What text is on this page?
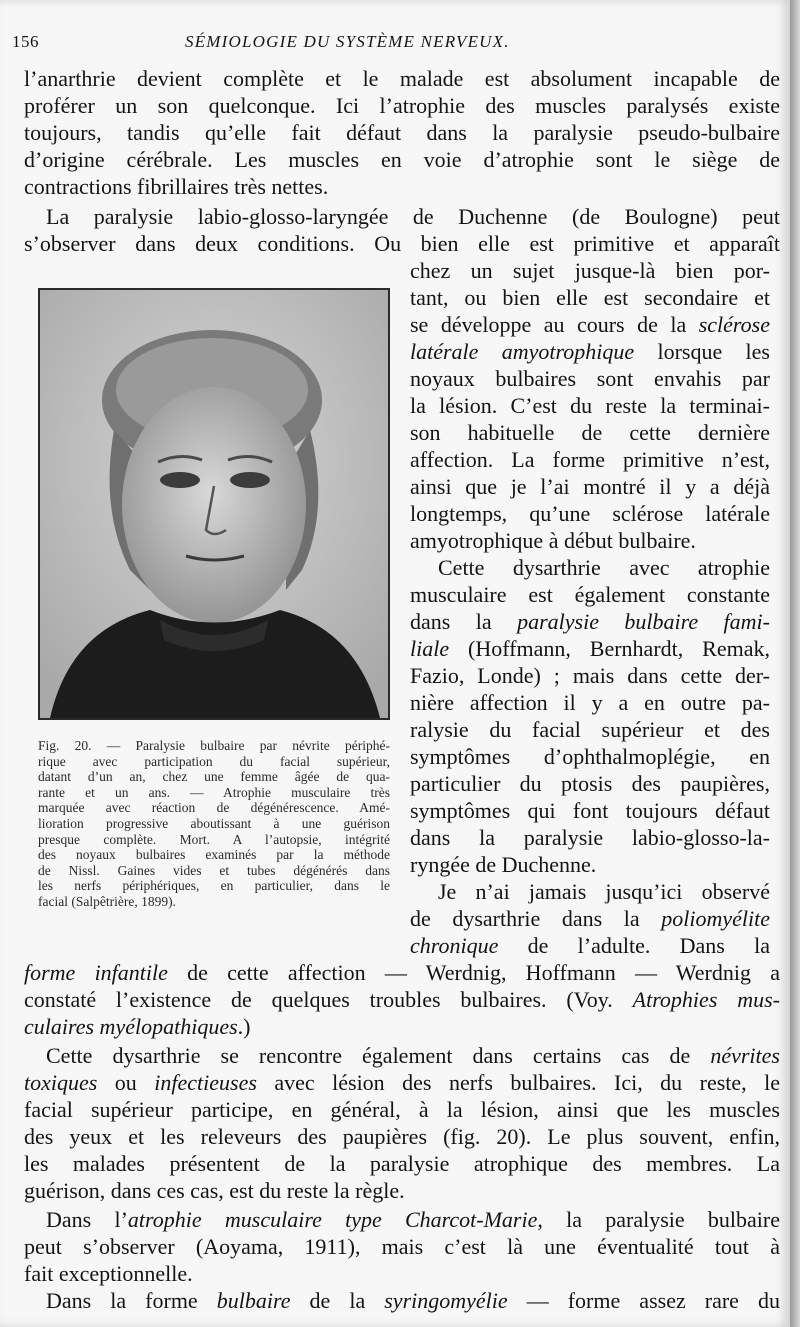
156	SÉMIOLOGIE DU SYSTÈME NERVEUX.
l’anarthrie devient complète et le malade est absolument incapable de
proférer un son quelconque. Ici l’atrophie des muscles paralysés existe
toujours, tandis qu’elle fait défaut dans la paralysie pseudo-bulbaire
d’origine cérébrale. Les muscles en voie d’atrophie sont le siège de
contractions fibrillaires très nettes.
La paralysie labio-glosso-laryngée de Duchenne (de Boulogne) peut
s’observer dans deux conditions. Ou bien elle est primitive et apparaît
Fig. 20. — Paralysie bulbaire par névrite périphé-
rique avec participation du facial supérieur,
datant d’un an, chez une femme âgée de qua-
rante et un ans. — Atrophie musculaire très
marquée avec réaction de dégénérescence. Amé-
lioration progressive aboutissant à une guérison
presque complète. Mort. A l’autopsie, intégrité
des noyaux bulbaires examinés par la méthode
de Nissl. Gaines vides et tubes dégénérés dans
les nerfs périphériques, en particulier, dans le
facial (Salpêtrière, 1899).
chez un sujet jusque-là bien por-
tant, ou bien elle est secondaire et
se développe au cours de la sclérose
latérale amyotrophique lorsque les
noyaux bulbaires sont envahis par
la lésion. C’est du reste la terminai-
son habituelle de cette dernière
affection. La forme primitive n’est,
ainsi que je l’ai montré il y a déjà
longtemps, qu’une sclérose latérale
amyotrophique à début bulbaire.
Cette dysarthrie avec atrophie
musculaire est également constante
dans la paralysie bulbaire fami-
liale (Hoffmann, Bernhardt, Remak,
Fazio, Londe) ; mais dans cette der-
nière affection il y a en outre pa-
ralysie du facial supérieur et des
symptômes d’ophthalmoplégie, en
particulier du ptosis des paupières,
symptômes qui font toujours défaut
dans la paralysie labio-glosso-la-
ryngée de Duchenne.
Je n’ai jamais jusqu’ici observé
de dysarthrie dans la poliomyélite
chronique de l’adulte. Dans la
forme infantile de cette affection — Werdnig, Hoffmann — Werdnig a
constaté l’existence de quelques troubles bulbaires. (Voy. Atrophies mus-
culaires myélopathiques.)
Cette dysarthrie se rencontre également dans certains cas de névrites
toxiques ou infectieuses avec lésion des nerfs bulbaires. Ici, du reste, le
facial supérieur participe, en général, à la lésion, ainsi que les muscles
des yeux et les releveurs des paupières (fig. 20). Le plus souvent, enfin,
les malades présentent de la paralysie atrophique des membres. La
guérison, dans ces cas, est du reste la règle.
Dans l’atrophie musculaire type Charcot-Marie, la paralysie bulbaire
peut s’observer (Aoyama, 1911), mais c’est là une éventualité tout à
fait exceptionnelle.
Dans la forme bulbaire de la syringomyélie — forme assez rare du
